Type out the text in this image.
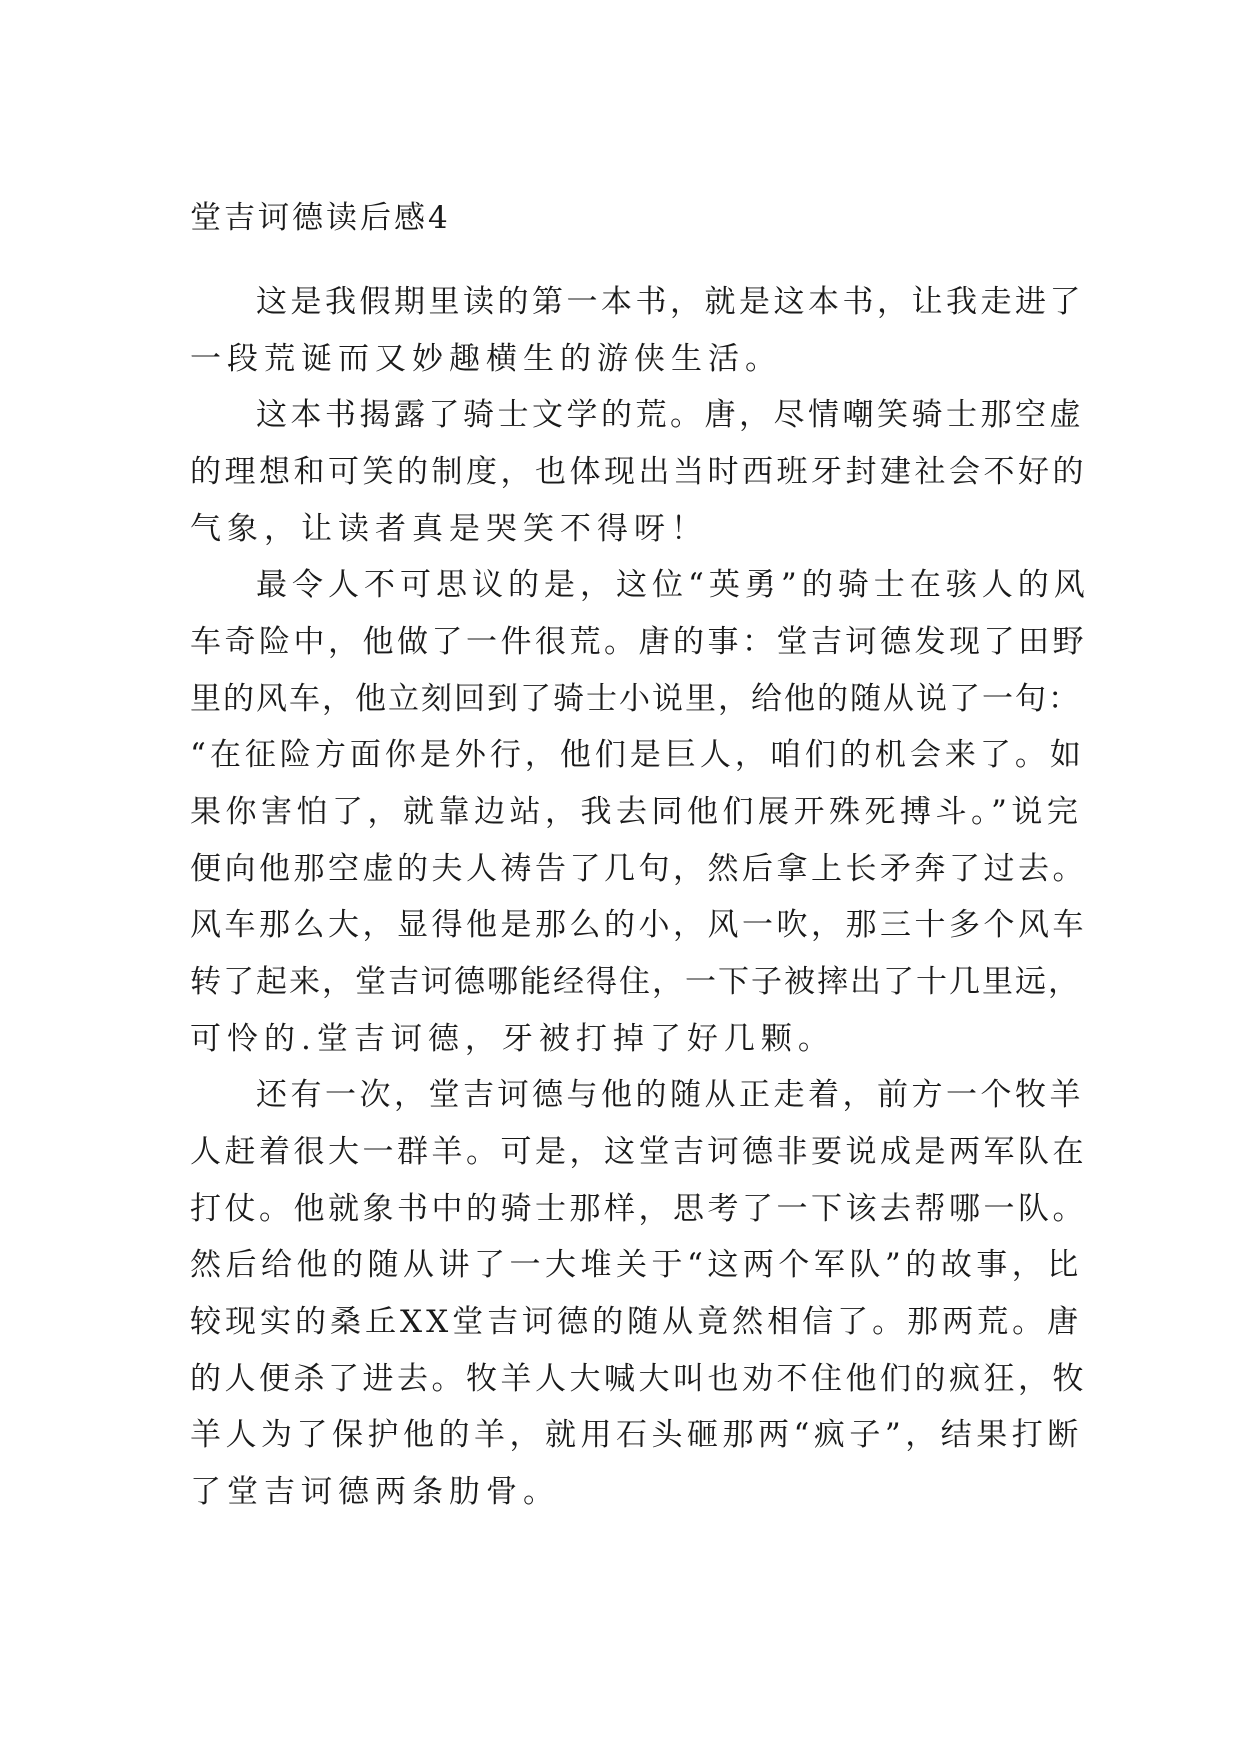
堂吉诃德读后感4
这是我假期里读的第一本书，就是这本书，让我走进了
一段荒诞而又妙趣横生的游侠生活。
这本书揭露了骑士文学的荒。唐，尽情嘲笑骑士那空虚
的理想和可笑的制度，也体现出当时西班牙封建社会不好的
气象，让读者真是哭笑不得呀！
最令人不可思议的是，这位“英勇”的骑士在骇人的风
车奇险中，他做了一件很荒。唐的事：堂吉诃德发现了田野
里的风车，他立刻回到了骑士小说里，给他的随从说了一句：
“在征险方面你是外行，他们是巨人，咱们的机会来了。如
果你害怕了，就靠边站，我去同他们展开殊死搏斗。”说完
便向他那空虚的夫人祷告了几句，然后拿上长矛奔了过去。
风车那么大，显得他是那么的小，风一吹，那三十多个风车
转了起来，堂吉诃德哪能经得住，一下子被摔出了十几里远，
可怜的.堂吉诃德，牙被打掉了好几颗。
还有一次，堂吉诃德与他的随从正走着，前方一个牧羊
人赶着很大一群羊。可是，这堂吉诃德非要说成是两军队在
打仗。他就象书中的骑士那样，思考了一下该去帮哪一队。
然后给他的随从讲了一大堆关于“这两个军队”的故事，比
较现实的桑丘XX堂吉诃德的随从竟然相信了。那两荒。唐
的人便杀了进去。牧羊人大喊大叫也劝不住他们的疯狂，牧
羊人为了保护他的羊，就用石头砸那两“疯子”，结果打断
了堂吉诃德两条肋骨。
